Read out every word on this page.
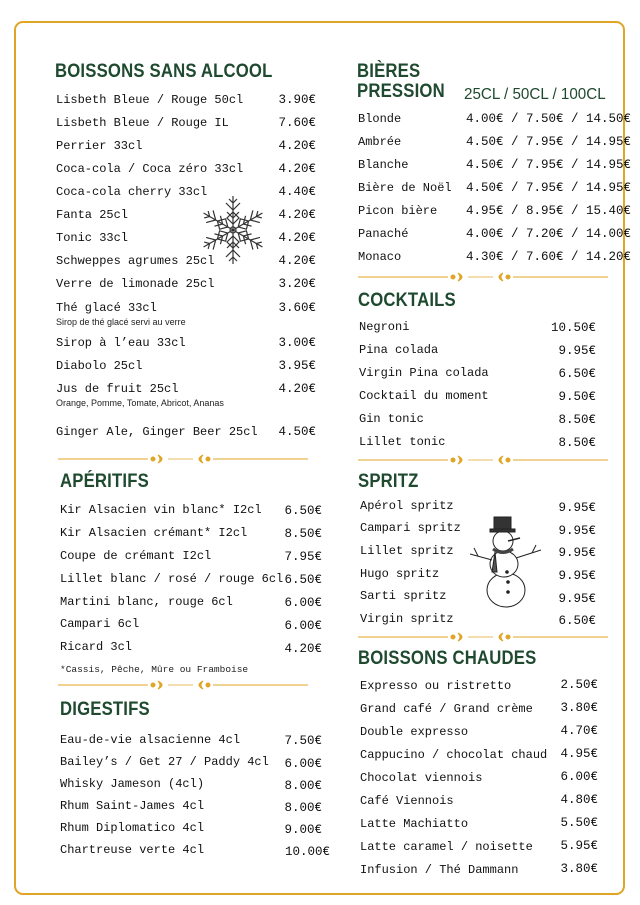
BOISSONS SANS ALCOOL
Lisbeth Bleue / Rouge 50cl	3.90€
Lisbeth Bleue / Rouge IL	7.60€
Perrier 33cl	4.20€
Coca-cola / Coca zéro 33cl	4.20€
Coca-cola cherry 33cl	4.40€
Fanta 25cl	4.20€
Tonic 33cl	4.20€
Schweppes agrumes 25cl	4.20€
Verre de limonade 25cl	3.20€
Thé glacé 33cl	3.60€
Sirop de thé glacé servi au verre
Sirop à l’eau 33cl	3.00€
Diabolo 25cl	3.95€
Jus de fruit 25cl	4.20€
Orange, Pomme, Tomate, Abricot, Ananas
Ginger Ale, Ginger Beer 25cl	4.50€
APÉRITIFS
Kir Alsacien vin blanc* I2cl	6.50€
Kir Alsacien crémant* I2cl	8.50€
Coupe de crémant I2cl	7.95€
Lillet blanc / rosé / rouge 6cl 6.50€
Martini blanc, rouge 6cl	6.00€
Campari 6cl	6.00€
Ricard 3cl	4.20€
*Cassis, Pêche, Mûre ou Framboise
DIGESTIFS
Eau-de-vie alsacienne 4cl	7.50€
Bailey’s / Get 27 / Paddy 4cl	6.00€
Whisky Jameson (4cl)	8.00€
Rhum Saint-James 4cl	8.00€
Rhum Diplomatico 4cl	9.00€
Chartreuse verte 4cl	10.00€
BIÈRES
PRESSION 25CL / 50CL / 100CL
Blonde	4.00€ / 7.50€ / 14.50€
Ambrée	4.50€ / 7.95€ / 14.95€
Blanche	4.50€ / 7.95€ / 14.95€
Bière de Noël 4.50€ / 7.95€ / 14.95€
Picon bière 4.95€ / 8.95€ / 15.40€
Panaché	4.00€ / 7.20€ / 14.00€
Monaco	4.30€ / 7.60€ / 14.20€
COCKTAILS
Negroni	10.50€
Pina colada	9.95€
Virgin Pina colada	6.50€
Cocktail du moment	9.50€
Gin tonic	8.50€
Lillet tonic	8.50€
SPRITZ
Apérol spritz	9.95€
Campari spritz	9.95€
Lillet spritz	9.95€
Hugo spritz	9.95€
Sarti spritz	9.95€
Virgin spritz	6.50€
BOISSONS CHAUDES
Expresso ou ristretto	2.50€
Grand café / Grand crème	3.80€
Double expresso	4.70€
Cappucino / chocolat chaud	4.95€
Chocolat viennois	6.00€
Café Viennois	4.80€
Latte Machiatto	5.50€
Latte caramel / noisette	5.95€
Infusion / Thé Dammann	3.80€
